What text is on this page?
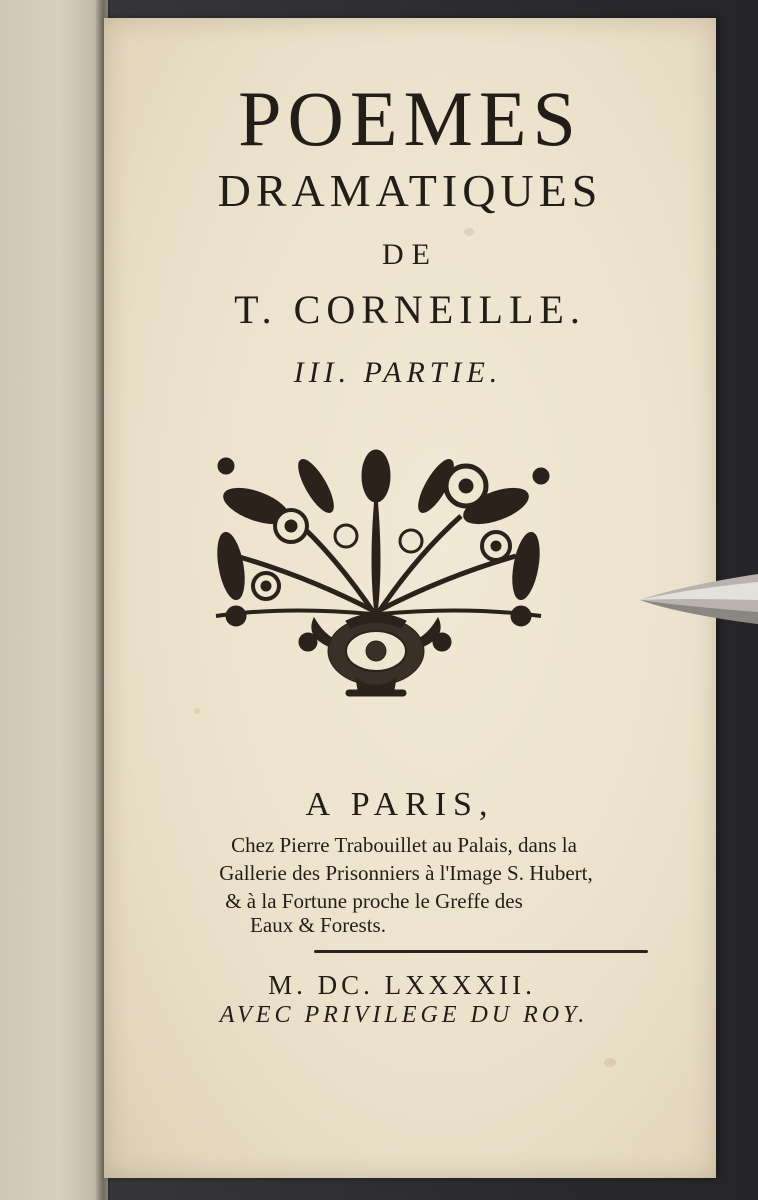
POEMES
DRAMATIQUES
DE
T. CORNEILLE.
III. PARTIE.
A PARIS,
Chez Pierre Trabouillet au Palais, dans la
Gallerie des Prisonniers à l'Image S. Hubert,
& à la Fortune proche le Greffe des
Eaux & Forests.
M. DC. LXXXXII.
AVEC PRIVILEGE DU ROY.
